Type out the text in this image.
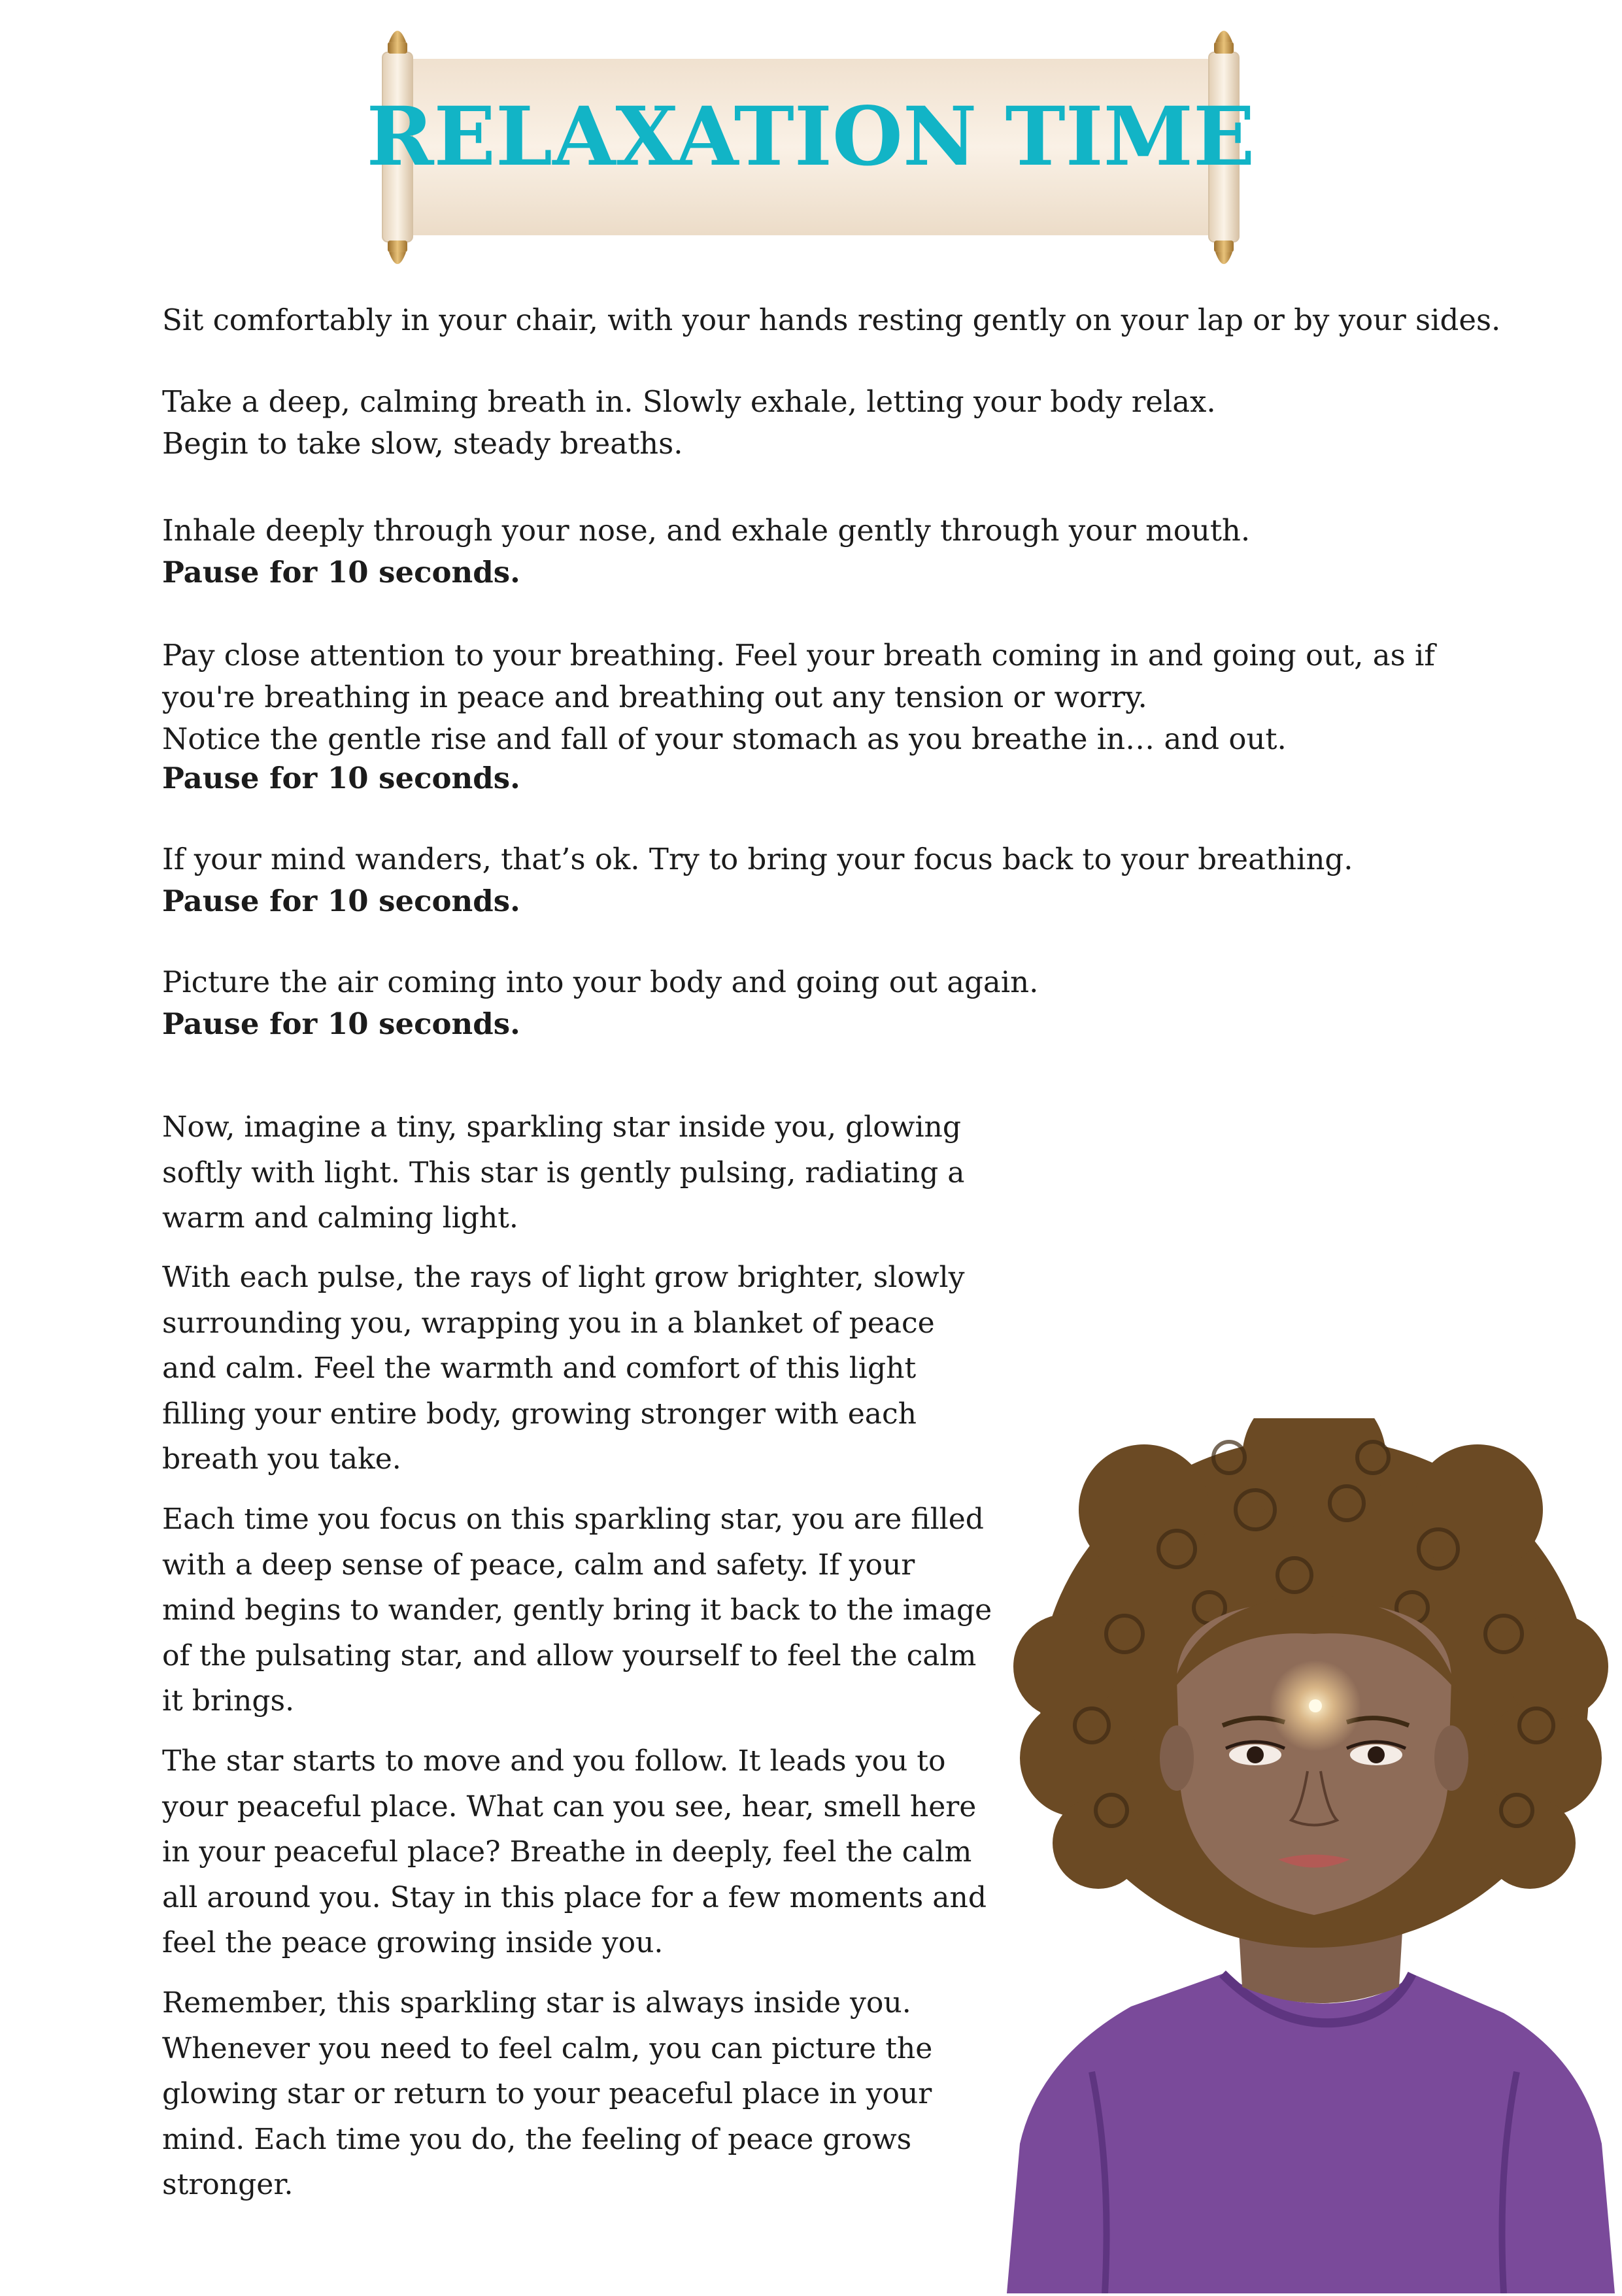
RELAXATION TIME
Sit comfortably in your chair, with your hands resting gently on your lap or by your sides.
Take a deep, calming breath in. Slowly exhale, letting your body relax.
Begin to take slow, steady breaths.
Inhale deeply through your nose, and exhale gently through your mouth.
Pause for 10 seconds.
Pay close attention to your breathing. Feel your breath coming in and going out, as if
you're breathing in peace and breathing out any tension or worry.
Notice the gentle rise and fall of your stomach as you breathe in… and out.
Pause for 10 seconds.
If your mind wanders, that’s ok. Try to bring your focus back to your breathing.
Pause for 10 seconds.
Picture the air coming into your body and going out again.
Pause for 10 seconds.
Now, imagine a tiny, sparkling star inside you, glowing
softly with light. This star is gently pulsing, radiating a
warm and calming light.
With each pulse, the rays of light grow brighter, slowly
surrounding you, wrapping you in a blanket of peace
and calm. Feel the warmth and comfort of this light
filling your entire body, growing stronger with each
breath you take.
Each time you focus on this sparkling star, you are filled
with a deep sense of peace, calm and safety. If your
mind begins to wander, gently bring it back to the image
of the pulsating star, and allow yourself to feel the calm
it brings.
The star starts to move and you follow. It leads you to
your peaceful place. What can you see, hear, smell here
in your peaceful place? Breathe in deeply, feel the calm
all around you. Stay in this place for a few moments and
feel the peace growing inside you.
Remember, this sparkling star is always inside you.
Whenever you need to feel calm, you can picture the
glowing star or return to your peaceful place in your
mind. Each time you do, the feeling of peace grows
stronger.
